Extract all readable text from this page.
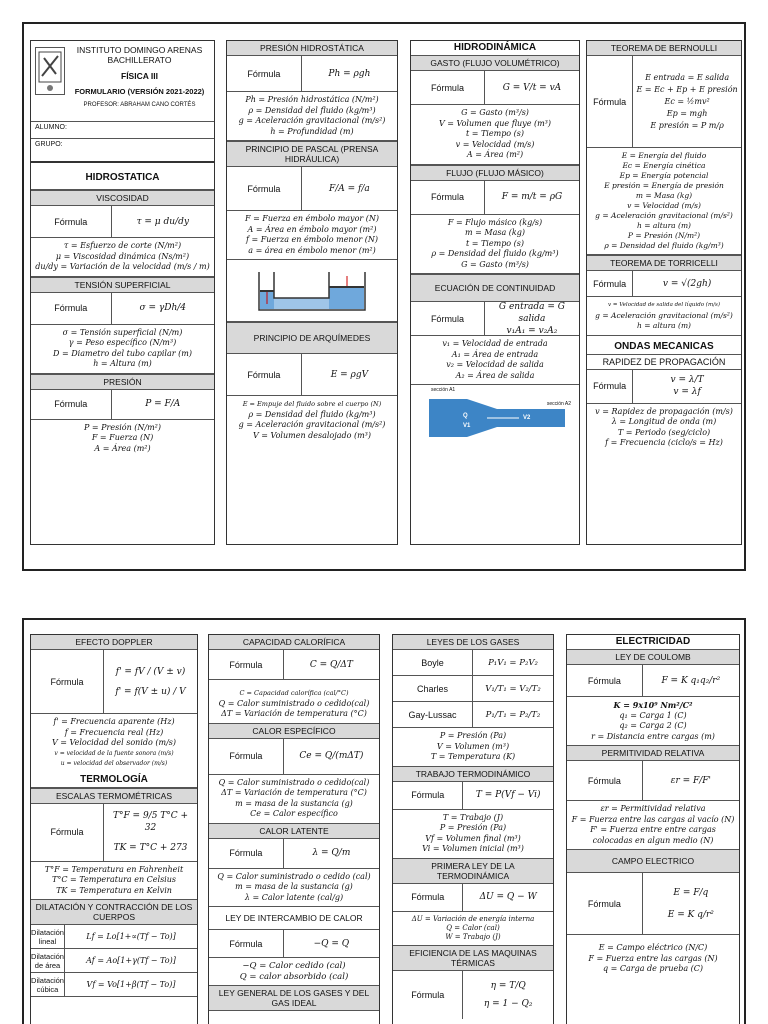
INSTITUTO DOMINGO ARENAS BACHILLERATO
FÍSICA III
FORMULARIO (VERSIÓN 2021-2022)
PROFESOR: ABRAHAM CANO CORTÉS
ALUMNO:
GRUPO:
HIDROSTATICA
VISCOSIDAD
Fórmula	τ = μ du/dy
τ = Esfuerzo de corte (N/m²)
μ = Viscosidad dinámica (Ns/m²)
du/dy = Variación de la velocidad (m/s / m)
TENSIÓN SUPERFICIAL
Fórmula	σ = γDh/4
σ = Tensión superficial (N/m)
γ = Peso específico (N/m³)
D = Diametro del tubo capilar (m)
h = Altura (m)
PRESIÓN
Fórmula	P = F/A
P = Presión (N/m²)
F = Fuerza (N)
A = Área (m²)
PRESIÓN HIDROSTÁTICA
Fórmula	Ph = ρgh
Ph = Presión hidrostática (N/m²)
ρ = Densidad del fluido (kg/m³)
g = Aceleración gravitacional (m/s²)
h = Profundidad (m)
PRINCIPIO DE PASCAL (PRENSA HIDRÁULICA)
Fórmula	F/A = f/a
F = Fuerza en émbolo mayor (N)
A = Área en émbolo mayor (m²)
f = Fuerza en émbolo menor (N)
a = área en émbolo menor (m²)
PRINCIPIO DE ARQUÍMEDES
Fórmula	E = ρgV
E = Empuje del fluido sobre el cuerpo (N)
ρ = Densidad del fluido (kg/m³)
g = Aceleración gravitacional (m/s²)
V = Volumen desalojado (m³)
HIDRODINÁMICA
GASTO (FLUJO VOLUMÉTRICO)
Fórmula	G = V/t = vA
G = Gasto (m³/s)
V = Volumen que fluye (m³)
t = Tiempo (s)
v = Velocidad (m/s)
A = Área (m²)
FLUJO (FLUJO MÁSICO)
Fórmula	F = m/t = ρG
F = Flujo másico (kg/s)
m = Masa (kg)
t = Tiempo (s)
ρ = Densidad del fluido (kg/m³)
G = Gasto (m³/s)
ECUACIÓN DE CONTINUIDAD
Fórmula
G entrada = G salida
v₁A₁ = v₂A₂
v₁ = Velocidad de entrada
A₁ = Área de entrada
v₂ = Velocidad de salida
A₂ = Área de salida
sección A1
sección A2
Q
V1
V2
TEOREMA DE BERNOULLI
Fórmula
E entrada = E salida
E = Ec + Ep + E presión
Ec = ½mv²
Ep = mgh
E presión = P m/ρ
E = Energía del fluido
Ec = Energía cinética
Ep = Energía potencial
E presión = Energía de presión
m = Masa (kg)
v = Velocidad (m/s)
g = Aceleración gravitacional (m/s²)
h = altura (m)
P = Presión (N/m²)
ρ = Densidad del fluido (kg/m³)
TEOREMA DE TORRICELLI
Fórmula	v = √(2gh)
v = Velocidad de salida del líquido (m/s)
g = Aceleración gravitacional (m/s²)
h = altura (m)
ONDAS MECANICAS
RAPIDEZ DE PROPAGACIÓN
Fórmula
v = λ/T
v = λf
v = Rapidez de propagación (m/s)
λ = Longitud de onda (m)
T = Periodo (seg/ciclo)
f = Frecuencia (ciclo/s = Hz)
EFECTO DOPPLER
Fórmula
f' = fV / (V ± v)
f' = f(V ± u) / V
f' = Frecuencia aparente (Hz)
f = Frecuencia real (Hz)
V = Velocidad del sonido (m/s)
v = velocidad de la fuente sonora (m/s)
u = velocidad del observador (m/s)
TERMOLOGÍA
ESCALAS TERMOMÉTRICAS
Fórmula
T°F = 9/5 T°C + 32
TK = T°C + 273
T°F = Temperatura en Fahrenheit
T°C = Temperatura en Celsius
TK = Temperatura en Kelvin
DILATACIÓN Y CONTRACCIÓN DE LOS CUERPOS
Dilatación lineal	Lf = Lo[1+∝(Tf − To)]
Dilatación de área	Af = Ao[1+γ(Tf − To)]
Dilatación cúbica	Vf = Vo[1+β(Tf − To)]
CAPACIDAD CALORÍFICA
Fórmula	C = Q/ΔT
C = Capacidad calorífica (cal/°C)
Q = Calor suministrado o cedido(cal)
ΔT = Variación de temperatura (°C)
CALOR ESPECÍFICO
Fórmula	Ce = Q/(mΔT)
Q = Calor suministrado o cedido(cal)
ΔT = Variación de temperatura (°C)
m = masa de la sustancia (g)
Ce = Calor específico
CALOR LATENTE
Fórmula	λ = Q/m
Q = Calor suministrado o cedido (cal)
m = masa de la sustancia (g)
λ = Calor latente (cal/g)
LEY DE INTERCAMBIO DE CALOR
Fórmula	−Q = Q
−Q = Calor cedido (cal)
Q = calor absorbido (cal)
LEY GENERAL DE LOS GASES Y DEL GAS IDEAL
LEYES DE LOS GASES
Boyle	P₁V₁ = P₂V₂
Charles	V₁/T₁ = V₂/T₂
Gay-Lussac	P₁/T₁ = P₂/T₂
P = Presión (Pa)
V = Volumen (m³)
T = Temperatura (K)
TRABAJO TERMODINÁMICO
Fórmula	T = P(Vf − Vi)
T = Trabajo (J)
P = Presión (Pa)
Vf = Volumen final (m³)
Vi = Volumen inicial (m³)
PRIMERA LEY DE LA TERMODINÁMICA
Fórmula	ΔU = Q − W
ΔU = Variación de energía interna
Q = Calor (cal)
W = Trabajo (J)
EFICIENCIA DE LAS MAQUINAS TÉRMICAS
Fórmula
η = T/Q
η = 1 − Q₂
ELECTRICIDAD
LEY DE COULOMB
Fórmula	F = K q₁q₂/r²
K = 9x10⁹ Nm²/C²
q₁ = Carga 1 (C)
q₂ = Carga 2 (C)
r = Distancia entre cargas (m)
PERMITIVIDAD RELATIVA
Fórmula	εr = F/F'
εr = Permitividad relativa
F = Fuerza entre las cargas al vacío (N)
F' = Fuerza entre entre cargas colocadas en algun medio (N)
CAMPO ELECTRICO
Fórmula
E = F/q
E = K q/r²
E = Campo eléctrico (N/C)
F = Fuerza entre las cargas (N)
q = Carga de prueba (C)
